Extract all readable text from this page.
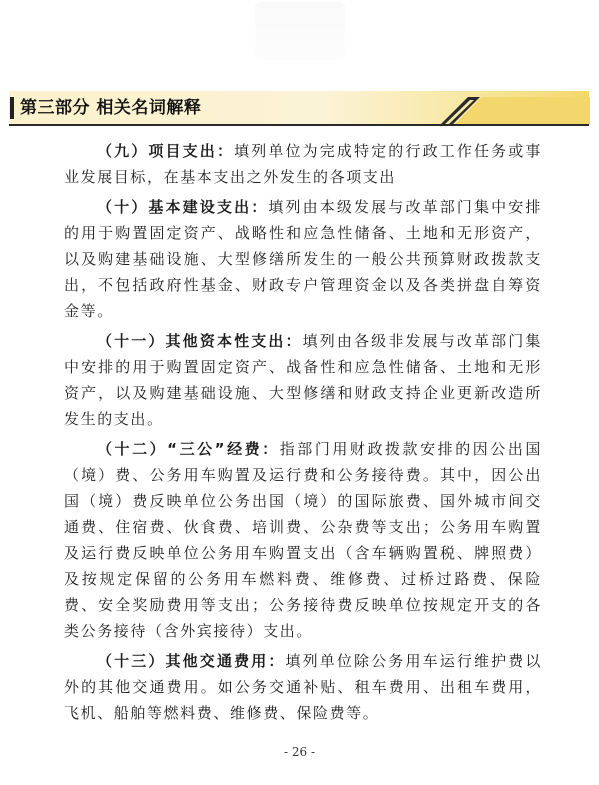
第三部分 相关名词解释

（九）项目支出：填列单位为完成特定的行政工作任务或事业发展目标，在基本支出之外发生的各项支出

（十）基本建设支出：填列由本级发展与改革部门集中安排的用于购置固定资产、战略性和应急性储备、土地和无形资产，以及购建基础设施、大型修缮所发生的一般公共预算财政拨款支出，不包括政府性基金、财政专户管理资金以及各类拼盘自筹资金等。

（十一）其他资本性支出：填列由各级非发展与改革部门集中安排的用于购置固定资产、战备性和应急性储备、土地和无形资产，以及购建基础设施、大型修缮和财政支持企业更新改造所发生的支出。

（十二）“三公”经费：指部门用财政拨款安排的因公出国（境）费、公务用车购置及运行费和公务接待费。其中，因公出国（境）费反映单位公务出国（境）的国际旅费、国外城市间交通费、住宿费、伙食费、培训费、公杂费等支出；公务用车购置及运行费反映单位公务用车购置支出（含车辆购置税、牌照费）及按规定保留的公务用车燃料费、维修费、过桥过路费、保险费、安全奖励费用等支出；公务接待费反映单位按规定开支的各类公务接待（含外宾接待）支出。

（十三）其他交通费用：填列单位除公务用车运行维护费以外的其他交通费用。如公务交通补贴、租车费用、出租车费用，飞机、船舶等燃料费、维修费、保险费等。

- 26 -
